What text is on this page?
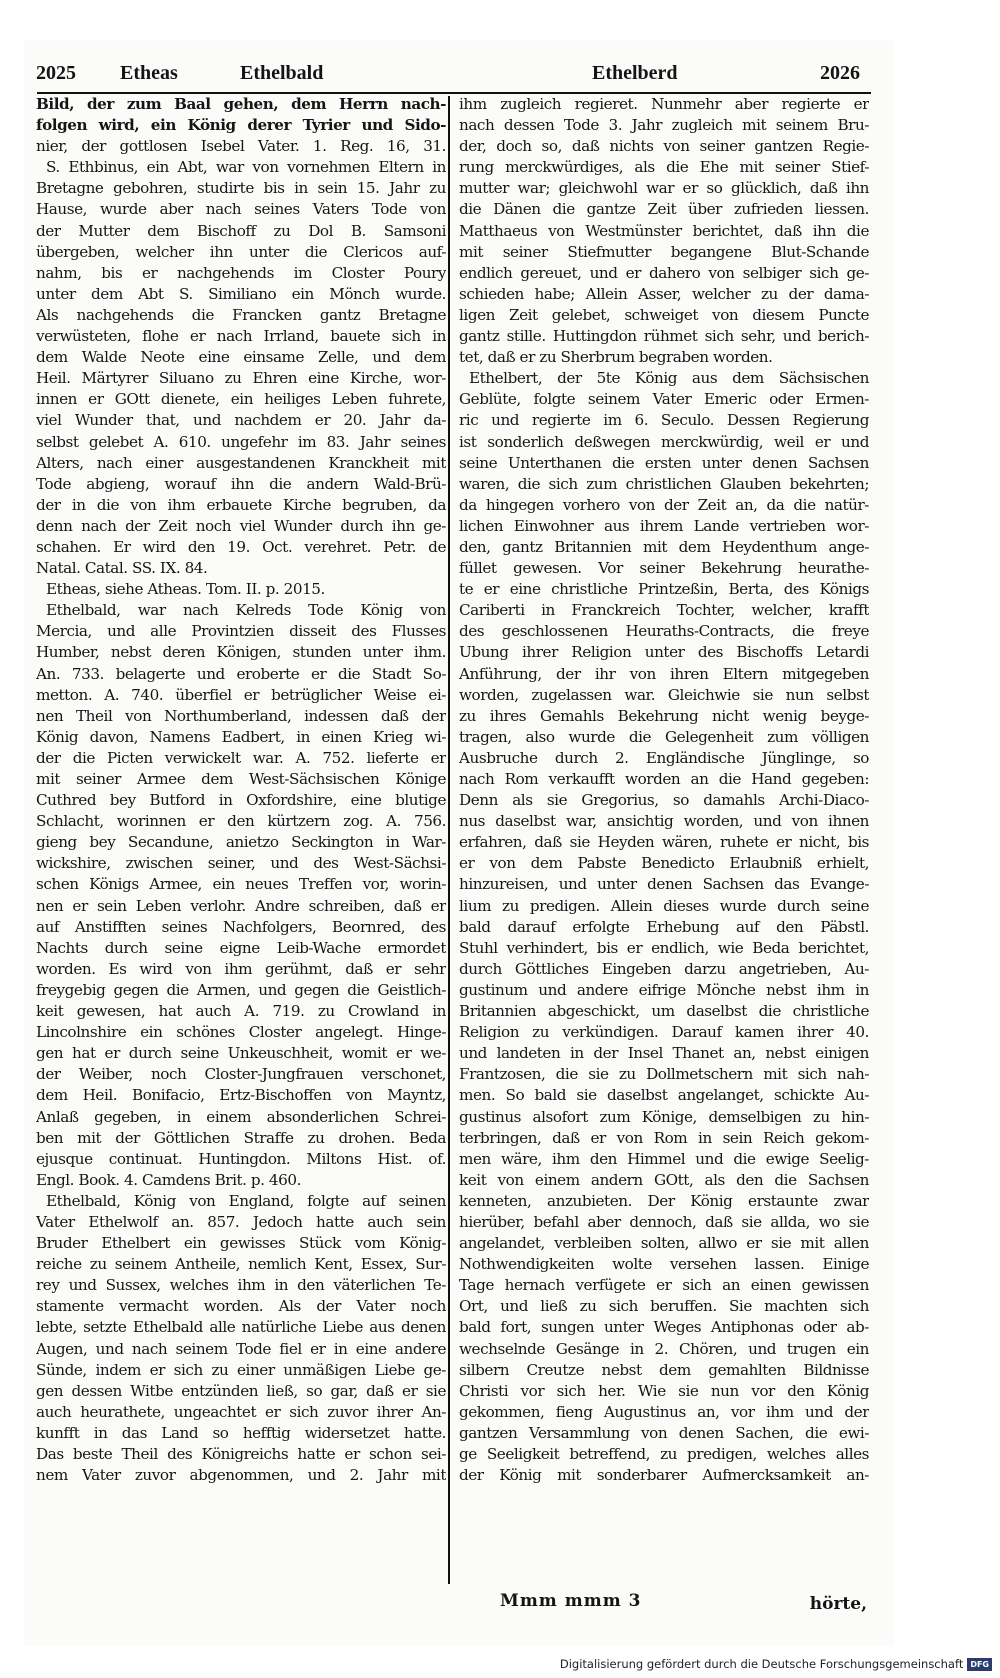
2025 Etheas	Ethelbald	Ethelberd	2026
Bild, der zum Baal gehen, dem Herrn nach-
folgen wird, ein König derer Tyrier und Sido-
nier, der gottlosen Isebel Vater. 1. Reg. 16, 31.
S. Ethbinus, ein Abt, war von vornehmen Eltern in
Bretagne gebohren, studirte bis in sein 15. Jahr zu
Hause, wurde aber nach seines Vaters Tode von
der Mutter dem Bischoff zu Dol B. Samsoni
übergeben, welcher ihn unter die Clericos auf-
nahm, bis er nachgehends im Closter Poury
unter dem Abt S. Similiano ein Mönch wurde.
Als nachgehends die Francken gantz Bretagne
verwüsteten, flohe er nach Irrland, bauete sich in
dem Walde Neote eine einsame Zelle, und dem
Heil. Märtyrer Siluano zu Ehren eine Kirche, wor-
innen er GOtt dienete, ein heiliges Leben fuhrete,
viel Wunder that, und nachdem er 20. Jahr da-
selbst gelebet A. 610. ungefehr im 83. Jahr seines
Alters, nach einer ausgestandenen Kranckheit mit
Tode abgieng, worauf ihn die andern Wald-Brü-
der in die von ihm erbauete Kirche begruben, da
denn nach der Zeit noch viel Wunder durch ihn ge-
schahen. Er wird den 19. Oct. verehret. Petr. de
Natal. Catal. SS. IX. 84.
Etheas, siehe Atheas. Tom. II. p. 2015.
Ethelbald, war nach Kelreds Tode König von
Mercia, und alle Provintzien disseit des Flusses
Humber, nebst deren Königen, stunden unter ihm.
An. 733. belagerte und eroberte er die Stadt So-
metton. A. 740. überfiel er betrüglicher Weise ei-
nen Theil von Northumberland, indessen daß der
König davon, Namens Eadbert, in einen Krieg wi-
der die Picten verwickelt war. A. 752. lieferte er
mit seiner Armee dem West-Sächsischen Könige
Cuthred bey Butford in Oxfordshire, eine blutige
Schlacht, worinnen er den kürtzern zog. A. 756.
gieng bey Secandune, anietzo Seckington in War-
wickshire, zwischen seiner, und des West-Sächsi-
schen Königs Armee, ein neues Treffen vor, worin-
nen er sein Leben verlohr. Andre schreiben, daß er
auf Anstifften seines Nachfolgers, Beornred, des
Nachts durch seine eigne Leib-Wache ermordet
worden. Es wird von ihm gerühmt, daß er sehr
freygebig gegen die Armen, und gegen die Geistlich-
keit gewesen, hat auch A. 719. zu Crowland in
Lincolnshire ein schönes Closter angelegt. Hinge-
gen hat er durch seine Unkeuschheit, womit er we-
der Weiber, noch Closter-Jungfrauen verschonet,
dem Heil. Bonifacio, Ertz-Bischoffen von Mayntz,
Anlaß gegeben, in einem absonderlichen Schrei-
ben mit der Göttlichen Straffe zu drohen. Beda
ejusque continuat. Huntingdon. Miltons Hist. of.
Engl. Book. 4. Camdens Brit. p. 460.
Ethelbald, König von England, folgte auf seinen
Vater Ethelwolf an. 857. Jedoch hatte auch sein
Bruder Ethelbert ein gewisses Stück vom König-
reiche zu seinem Antheile, nemlich Kent, Essex, Sur-
rey und Sussex, welches ihm in den väterlichen Te-
stamente vermacht worden. Als der Vater noch
lebte, setzte Ethelbald alle natürliche Liebe aus denen
Augen, und nach seinem Tode fiel er in eine andere
Sünde, indem er sich zu einer unmäßigen Liebe ge-
gen dessen Witbe entzünden ließ, so gar, daß er sie
auch heurathete, ungeachtet er sich zuvor ihrer An-
kunfft in das Land so hefftig widersetzet hatte.
Das beste Theil des Königreichs hatte er schon sei-
nem Vater zuvor abgenommen, und 2. Jahr mit
ihm zugleich regieret. Nunmehr aber regierte er
nach dessen Tode 3. Jahr zugleich mit seinem Bru-
der, doch so, daß nichts von seiner gantzen Regie-
rung merckwürdiges, als die Ehe mit seiner Stief-
mutter war; gleichwohl war er so glücklich, daß ihn
die Dänen die gantze Zeit über zufrieden liessen.
Matthaeus von Westmünster berichtet, daß ihn die
mit seiner Stiefmutter begangene Blut-Schande
endlich gereuet, und er dahero von selbiger sich ge-
schieden habe; Allein Asser, welcher zu der dama-
ligen Zeit gelebet, schweiget von diesem Puncte
gantz stille. Huttingdon rühmet sich sehr, und berich-
tet, daß er zu Sherbrum begraben worden.
Ethelbert, der 5te König aus dem Sächsischen
Geblüte, folgte seinem Vater Emeric oder Ermen-
ric und regierte im 6. Seculo. Dessen Regierung
ist sonderlich deßwegen merckwürdig, weil er und
seine Unterthanen die ersten unter denen Sachsen
waren, die sich zum christlichen Glauben bekehrten;
da hingegen vorhero von der Zeit an, da die natür-
lichen Einwohner aus ihrem Lande vertrieben wor-
den, gantz Britannien mit dem Heydenthum ange-
füllet gewesen. Vor seiner Bekehrung heurathe-
te er eine christliche Printzeßin, Berta, des Königs
Cariberti in Franckreich Tochter, welcher, krafft
des geschlossenen Heuraths-Contracts, die freye
Ubung ihrer Religion unter des Bischoffs Letardi
Anführung, der ihr von ihren Eltern mitgegeben
worden, zugelassen war. Gleichwie sie nun selbst
zu ihres Gemahls Bekehrung nicht wenig beyge-
tragen, also wurde die Gelegenheit zum völligen
Ausbruche durch 2. Engländische Jünglinge, so
nach Rom verkaufft worden an die Hand gegeben:
Denn als sie Gregorius, so damahls Archi-Diaco-
nus daselbst war, ansichtig worden, und von ihnen
erfahren, daß sie Heyden wären, ruhete er nicht, bis
er von dem Pabste Benedicto Erlaubniß erhielt,
hinzureisen, und unter denen Sachsen das Evange-
lium zu predigen. Allein dieses wurde durch seine
bald darauf erfolgte Erhebung auf den Päbstl.
Stuhl verhindert, bis er endlich, wie Beda berichtet,
durch Göttliches Eingeben darzu angetrieben, Au-
gustinum und andere eifrige Mönche nebst ihm in
Britannien abgeschickt, um daselbst die christliche
Religion zu verkündigen. Darauf kamen ihrer 40.
und landeten in der Insel Thanet an, nebst einigen
Frantzosen, die sie zu Dollmetschern mit sich nah-
men. So bald sie daselbst angelanget, schickte Au-
gustinus alsofort zum Könige, demselbigen zu hin-
terbringen, daß er von Rom in sein Reich gekom-
men wäre, ihm den Himmel und die ewige Seelig-
keit von einem andern GOtt, als den die Sachsen
kenneten, anzubieten. Der König erstaunte zwar
hierüber, befahl aber dennoch, daß sie allda, wo sie
angelandet, verbleiben solten, allwo er sie mit allen
Nothwendigkeiten wolte versehen lassen. Einige
Tage hernach verfügete er sich an einen gewissen
Ort, und ließ zu sich beruffen. Sie machten sich
bald fort, sungen unter Weges Antiphonas oder ab-
wechselnde Gesänge in 2. Chören, und trugen ein
silbern Creutze nebst dem gemahlten Bildnisse
Christi vor sich her. Wie sie nun vor den König
gekommen, fieng Augustinus an, vor ihm und der
gantzen Versammlung von denen Sachen, die ewi-
ge Seeligkeit betreffend, zu predigen, welches alles
der König mit sonderbarer Aufmercksamkeit an-
Mmm mmm 3	hörte,
Digitalisierung gefördert durch die Deutsche Forschungsgemeinschaft DFG
